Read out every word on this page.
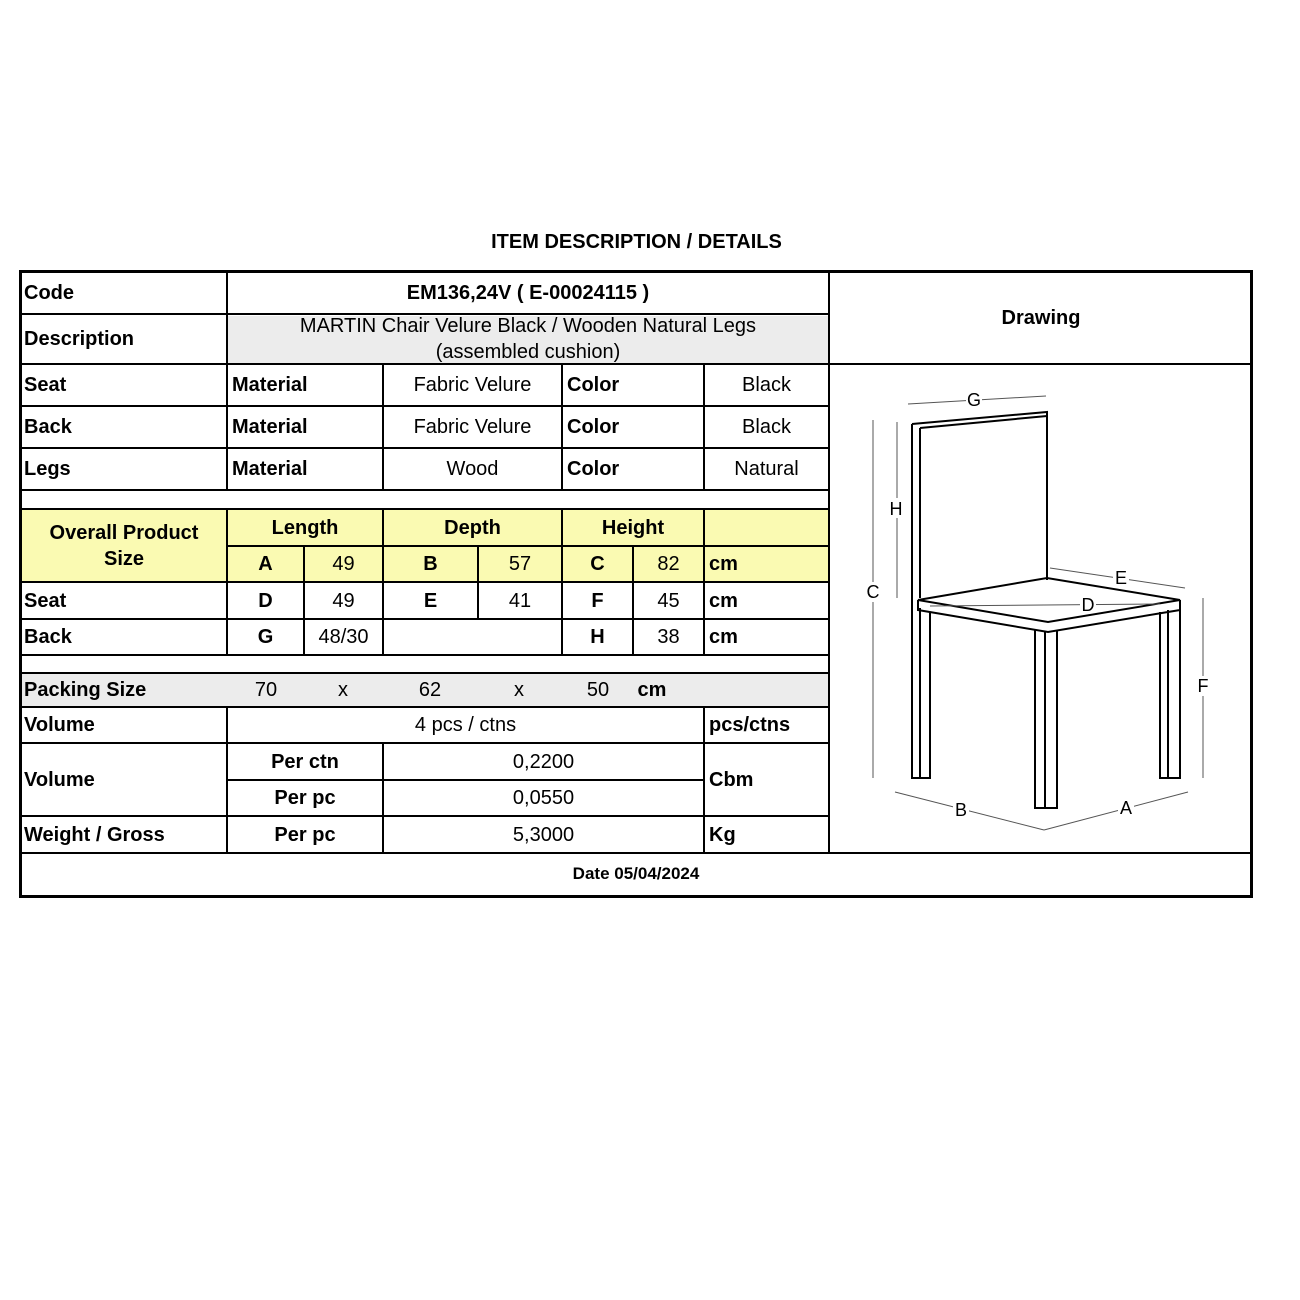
ITEM DESCRIPTION / DETAILS
Code	EM136,24V ( E-00024115 )
Description
MARTIN Chair Velure Black / Wooden Natural Legs
(assembled cushion)
Drawing
Seat	Material	Fabric Velure	Color	Black
Back	Material	Fabric Velure	Color	Black
Legs	Material	Wood	Color	Natural
Overall Product
Size
Length	Depth	Height
A	49	B	57	C	82	cm
Seat	D	49	E	41	F	45	cm
Back	G	48/30	H	38	cm
Packing Size	70	x	62	x	50	cm
Volume	4 pcs / ctns	pcs/ctns
Volume
Per ctn	0,2200
Per pc	0,0550
Cbm
Weight / Gross	Per pc	5,3000	Kg
Date 05/04/2024
G
H
C
E
D
F
B	A
